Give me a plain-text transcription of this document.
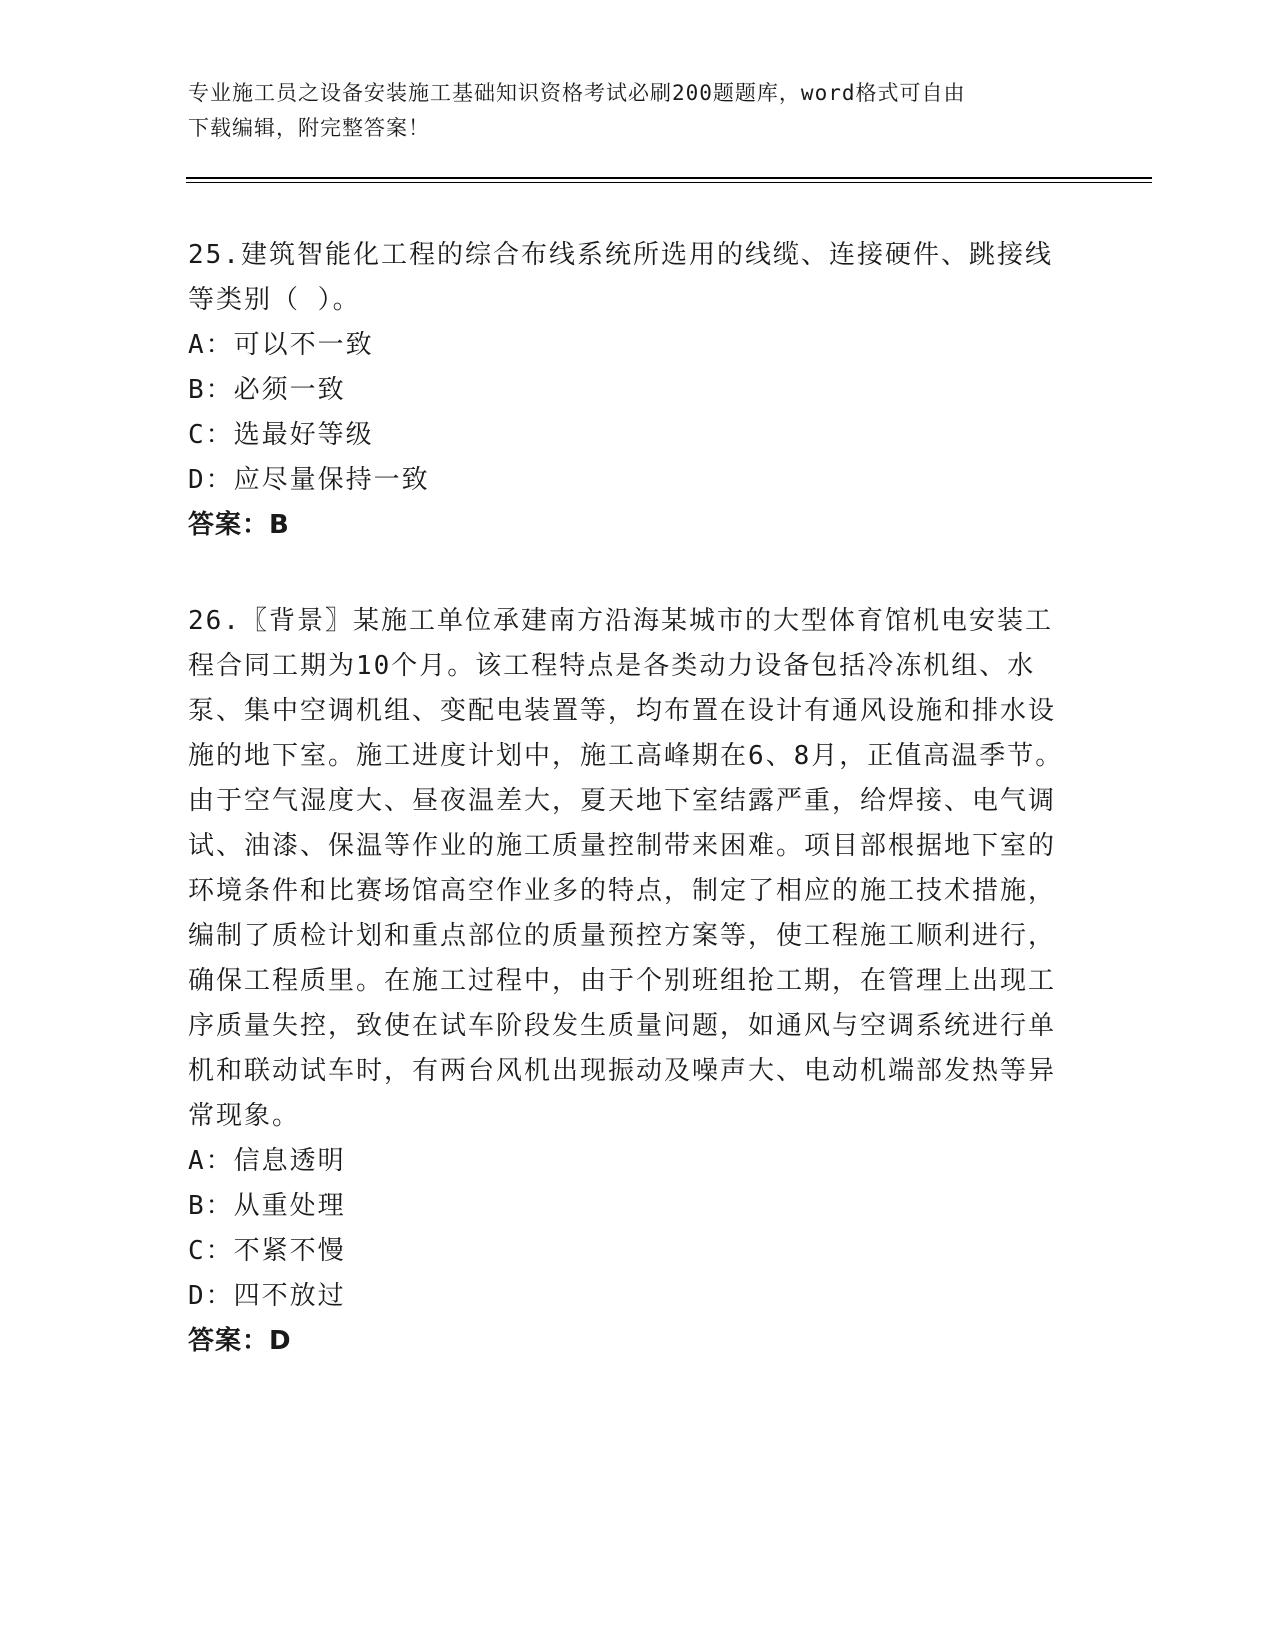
专业施工员之设备安装施工基础知识资格考试必刷200题题库，word格式可自由
下载编辑，附完整答案！
25.建筑智能化工程的综合布线系统所选用的线缆、连接硬件、跳接线等类别（ ）。
A：可以不一致
B：必须一致
C：选最好等级
D：应尽量保持一致
答案：B
26.〖背景〗某施工单位承建南方沿海某城市的大型体育馆机电安装工程合同工期为10个月。该工程特点是各类动力设备包括冷冻机组、水泵、集中空调机组、变配电装置等，均布置在设计有通风设施和排水设施的地下室。施工进度计划中，施工高峰期在6、8月，正值高温季节。由于空气湿度大、昼夜温差大，夏天地下室结露严重，给焊接、电气调试、油漆、保温等作业的施工质量控制带来困难。项目部根据地下室的环境条件和比赛场馆高空作业多的特点，制定了相应的施工技术措施，编制了质检计划和重点部位的质量预控方案等，使工程施工顺利进行，确保工程质里。在施工过程中，由于个别班组抢工期，在管理上出现工序质量失控，致使在试车阶段发生质量问题，如通风与空调系统进行单机和联动试车时，有两台风机出现振动及噪声大、电动机端部发热等异常现象。
A：信息透明
B：从重处理
C：不紧不慢
D：四不放过
答案：D
